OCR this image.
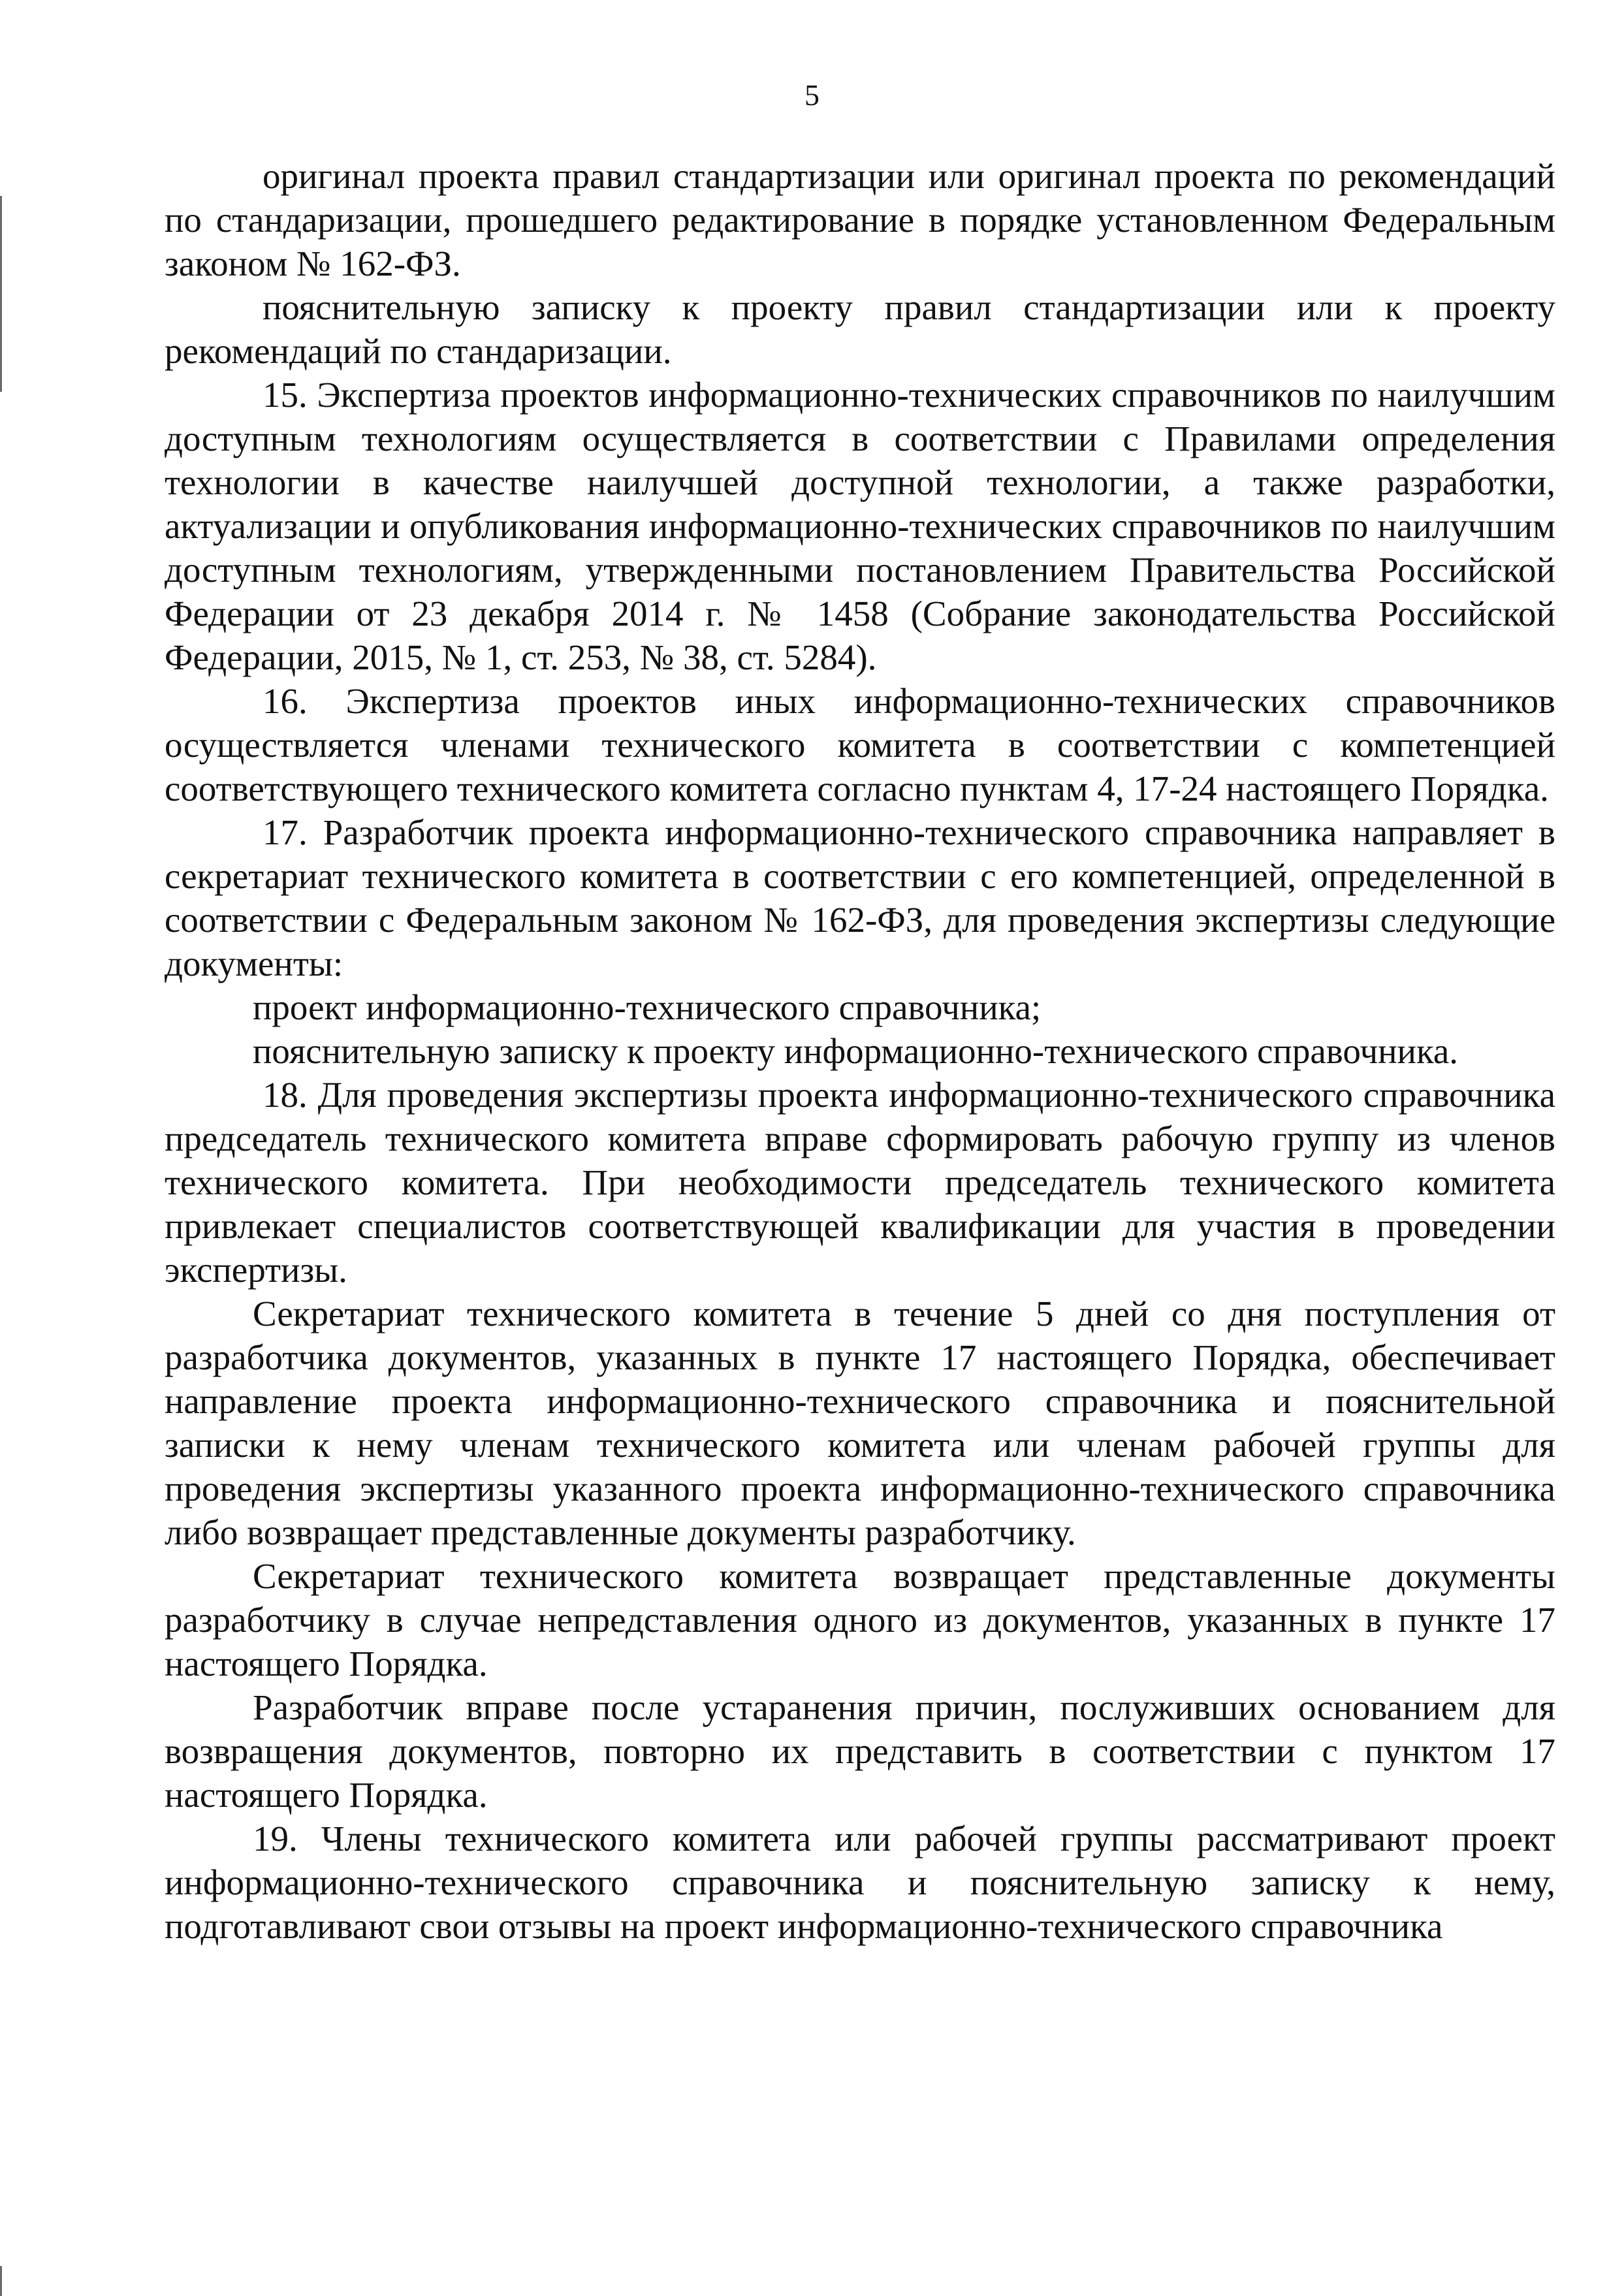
5

оригинал проекта правил стандартизации или оригинал проекта по рекомендаций по стандаризации, прошедшего редактирование в порядке установленном Федеральным законом № 162-ФЗ.

пояснительную записку к проекту правил стандартизации или к проекту рекомендаций по стандаризации.

15. Экспертиза проектов информационно-технических справочников по наилучшим доступным технологиям осуществляется в соответствии с Правилами определения технологии в качестве наилучшей доступной технологии, а также разработки, актуализации и опубликования информационно-технических справочников по наилучшим доступным технологиям, утвержденными постановлением Правительства Российской Федерации от 23 декабря 2014 г. № 1458 (Собрание законодательства Российской Федерации, 2015, № 1, ст. 253, № 38, ст. 5284).

16. Экспертиза проектов иных информационно-технических справочников осуществляется членами технического комитета в соответствии с компетенцией соответствующего технического комитета согласно пунктам 4, 17-24 настоящего Порядка.

17. Разработчик проекта информационно-технического справочника направляет в секретариат технического комитета в соответствии с его компетенцией, определенной в соответствии с Федеральным законом № 162-ФЗ, для проведения экспертизы следующие документы:

проект информационно-технического справочника;

пояснительную записку к проекту информационно-технического справочника.

18. Для проведения экспертизы проекта информационно-технического справочника председатель технического комитета вправе сформировать рабочую группу из членов технического комитета. При необходимости председатель технического комитета привлекает специалистов соответствующей квалификации для участия в проведении экспертизы.

Секретариат технического комитета в течение 5 дней со дня поступления от разработчика документов, указанных в пункте 17 настоящего Порядка, обеспечивает направление проекта информационно-технического справочника и пояснительной записки к нему членам технического комитета или членам рабочей группы для проведения экспертизы указанного проекта информационно-технического справочника либо возвращает представленные документы разработчику.

Секретариат технического комитета возвращает представленные документы разработчику в случае непредставления одного из документов, указанных в пункте 17 настоящего Порядка.

Разработчик вправе после устаранения причин, послуживших основанием для возвращения документов, повторно их представить в соответствии с пунктом 17 настоящего Порядка.

19. Члены технического комитета или рабочей группы рассматривают проект информационно-технического справочника и пояснительную записку к нему, подготавливают свои отзывы на проект информационно-технического справочника
